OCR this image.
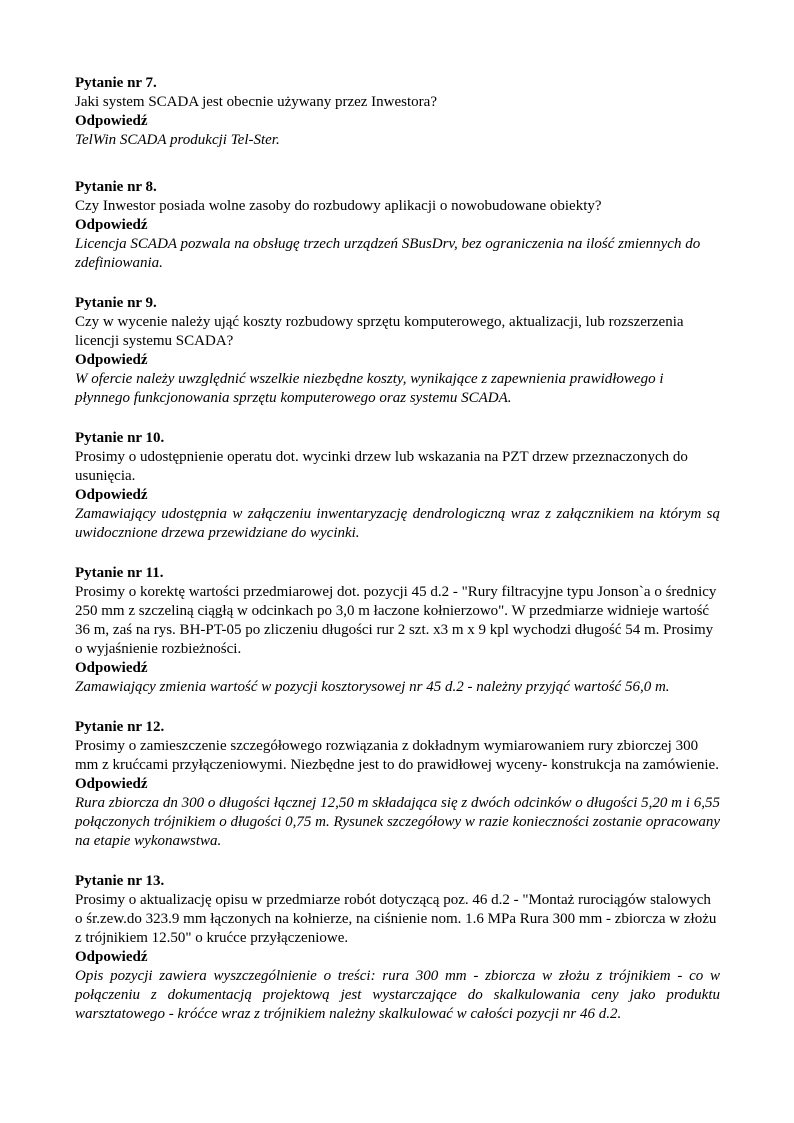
Pytanie nr 7.

Jaki system SCADA jest obecnie używany przez Inwestora?

Odpowiedź

TelWin SCADA produkcji Tel-Ster.

Pytanie nr 8.

Czy Inwestor posiada wolne zasoby do rozbudowy aplikacji o nowobudowane obiekty?

Odpowiedź

Licencja SCADA pozwala na obsługę trzech urządzeń SBusDrv, bez ograniczenia na ilość zmiennych do zdefiniowania.

Pytanie nr 9.

Czy w wycenie należy ująć koszty rozbudowy sprzętu komputerowego, aktualizacji, lub rozszerzenia licencji systemu SCADA?

Odpowiedź

W ofercie należy uwzględnić wszelkie niezbędne koszty, wynikające z zapewnienia prawidłowego i płynnego funkcjonowania sprzętu komputerowego oraz systemu SCADA.

Pytanie nr 10.

Prosimy o udostępnienie operatu dot. wycinki drzew lub wskazania na PZT drzew przeznaczonych do usunięcia.

Odpowiedź

Zamawiający udostępnia w załączeniu inwentaryzację dendrologiczną wraz z załącznikiem na którym są uwidocznione drzewa przewidziane do wycinki.

Pytanie nr 11.

Prosimy o korektę wartości przedmiarowej dot. pozycji 45 d.2 - "Rury filtracyjne typu Jonson`a o średnicy 250 mm z szczeliną ciągłą w odcinkach po 3,0 m łaczone kołnierzowo". W przedmiarze widnieje wartość 36 m, zaś na rys. BH-PT-05 po zliczeniu długości rur 2 szt. x3 m x 9 kpl wychodzi długość 54 m. Prosimy o wyjaśnienie rozbieżności.

Odpowiedź

Zamawiający zmienia wartość w pozycji kosztorysowej nr 45 d.2 - należny przyjąć wartość 56,0 m.

Pytanie nr 12.

Prosimy o zamieszczenie szczegółowego rozwiązania z dokładnym wymiarowaniem rury zbiorczej 300 mm z krućcami przyłączeniowymi. Niezbędne jest to do prawidłowej wyceny- konstrukcja na zamówienie.

Odpowiedź

Rura zbiorcza dn 300 o długości łącznej 12,50 m składająca się z dwóch odcinków o długości 5,20 m i 6,55 połączonych trójnikiem o długości 0,75 m. Rysunek szczegółowy w razie konieczności zostanie opracowany na etapie wykonawstwa.

Pytanie nr 13.

Prosimy o aktualizację opisu w przedmiarze robót dotyczącą poz. 46 d.2 - "Montaż rurociągów stalowych o śr.zew.do 323.9 mm łączonych na kołnierze, na ciśnienie nom. 1.6 MPa Rura 300 mm - zbiorcza w złożu z trójnikiem 12.50" o krućce przyłączeniowe.

Odpowiedź

Opis pozycji zawiera wyszczególnienie o treści: rura 300 mm - zbiorcza w złożu z trójnikiem - co w połączeniu z dokumentacją projektową jest wystarczające do skalkulowania ceny jako produktu warsztatowego - króćce wraz z trójnikiem należny skalkulować w całości pozycji nr 46 d.2.
